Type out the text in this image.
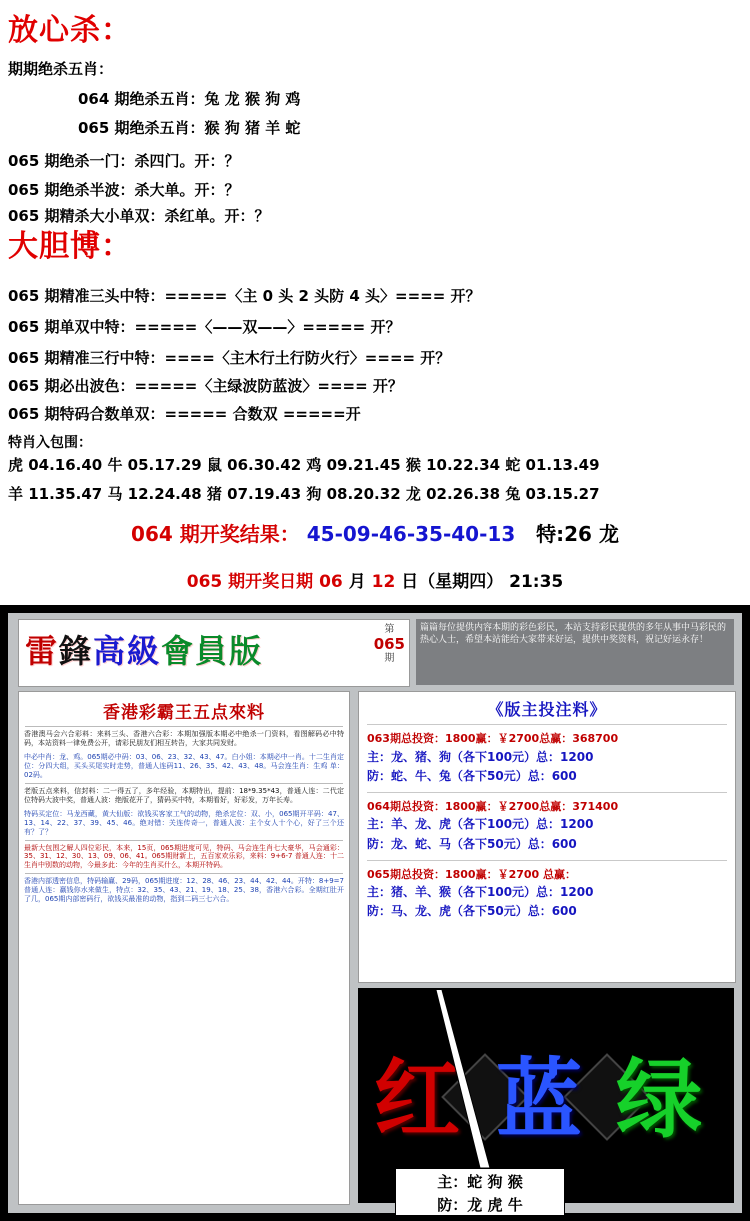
放心杀：
期期绝杀五肖：
064 期绝杀五肖：兔 龙 猴 狗 鸡
065 期绝杀五肖：猴 狗 猪 羊 蛇
065 期绝杀一门：杀四门。开：？
065 期绝杀半波：杀大单。开：？
065 期精杀大小单双：杀红单。开：？
大胆博：
065 期精准三头中特：=====〈主 0 头 2 头防 4 头〉==== 开？
065 期单双中特：=====〈——双——〉===== 开？
065 期精准三行中特：====〈主木行土行防火行〉==== 开？
065 期必出波色：=====〈主绿波防蓝波〉==== 开？
065 期特码合数单双：===== 合数双 =====开
特肖入包围：
虎 04.16.40 牛 05.17.29 鼠 06.30.42 鸡 09.21.45 猴 10.22.34 蛇 01.13.49
羊 11.35.47 马 12.24.48 猪 07.19.43 狗 08.20.32 龙 02.26.38 兔 03.15.27
064 期开奖结果： 45-09-46-35-40-13 特:26 龙
065 期开奖日期 06 月 12 日（星期四） 21:35
雷鋒高級會員版
第
065
期
篇篇每位提供内容本期的彩色彩民，本站支持彩民提供的多年从事中马彩民的热心人士，希望本站能给大家带来好运，提供中奖资料，祝记好运永存！
香港彩霸王五点來料
香港澳马会六合彩料：来料三头、香港六合彩：本期加强版本期必中绝杀一门资料，看图解码必中特码，本站资料一律免费公开，请彩民朋友们相互转告，大家共同发财。
中必中肖：龙、鸡。065期必中码：03、06、23、32、43、47。白小姐：本期必中一肖。十二生肖定位：分四大组，买头买尾实时走势，普通人连码11、26、35、42、43、48。马会连生肖：生鸡 单：02码。
老版五点来料，信封料：二一得五了，多年经验，本期特出，提前：18*9.35*43，普通人连：二代定位特码大波中奖，普通人波：绝版花开了，猜码买中特，本期看好，好彩发，万年长寿。
特码买定位：马龙西藏，黄大仙版：欲钱买客家工气的动物，绝杀定位：双、小，065期开平码：47、13、14、22、37、39、45、46。绝对错：关连传奇一，普通人波：主个女人十个心，好了三个还有？了？
最新大包围之解人四位彩民，本来，15页，065期进度可见，特码、马会连生肖七大豪华，马会通彩：35、31、12、30、13、09、06、41。065期财新上，五百家欢乐彩，来料：9+6-7 普通人连：十二生肖中别数的动物，今最多此：今年的生肖买什么，本期开特码。
香港内部透密信息，特码输赢、29码，065期进度：12、28、46、23、44、42、44。开特：8+9=7 普通人连：赢钱你水来做生，特点：32、35、43、21、19、18、25、38，香港六合彩。全期红肚开了几，065期内部密码行，欲钱买最准的动物，指到二码三七六合。
《版主投注料》
063期总投资：1800赢：￥2700总赢：368700
主：龙、猪、狗（各下100元）总：1200
防：蛇、牛、兔（各下50元）总：600
064期总投资：1800赢：￥2700总赢：371400
主：羊、龙、虎（各下100元）总：1200
防：龙、蛇、马（各下50元）总：600
065期总投资：1800赢：￥2700 总赢：
主：猪、羊、猴（各下100元）总：1200
防：马、龙、虎（各下50元）总：600
红 蓝 绿
主：蛇 狗 猴
防：龙 虎 牛
